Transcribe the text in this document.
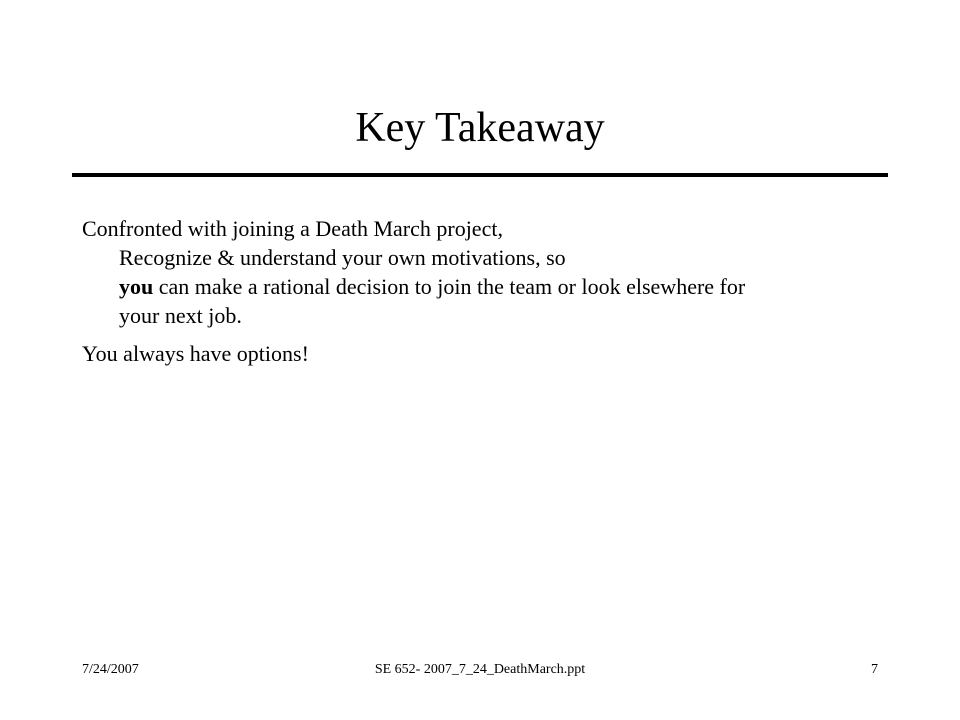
Key Takeaway

Confronted with joining a Death March project,

Recognize & understand your own motivations, so

you can make a rational decision to join the team or look elsewhere for

your next job.

You always have options!

7/24/2007	SE 652- 2007_7_24_DeathMarch.ppt	7
